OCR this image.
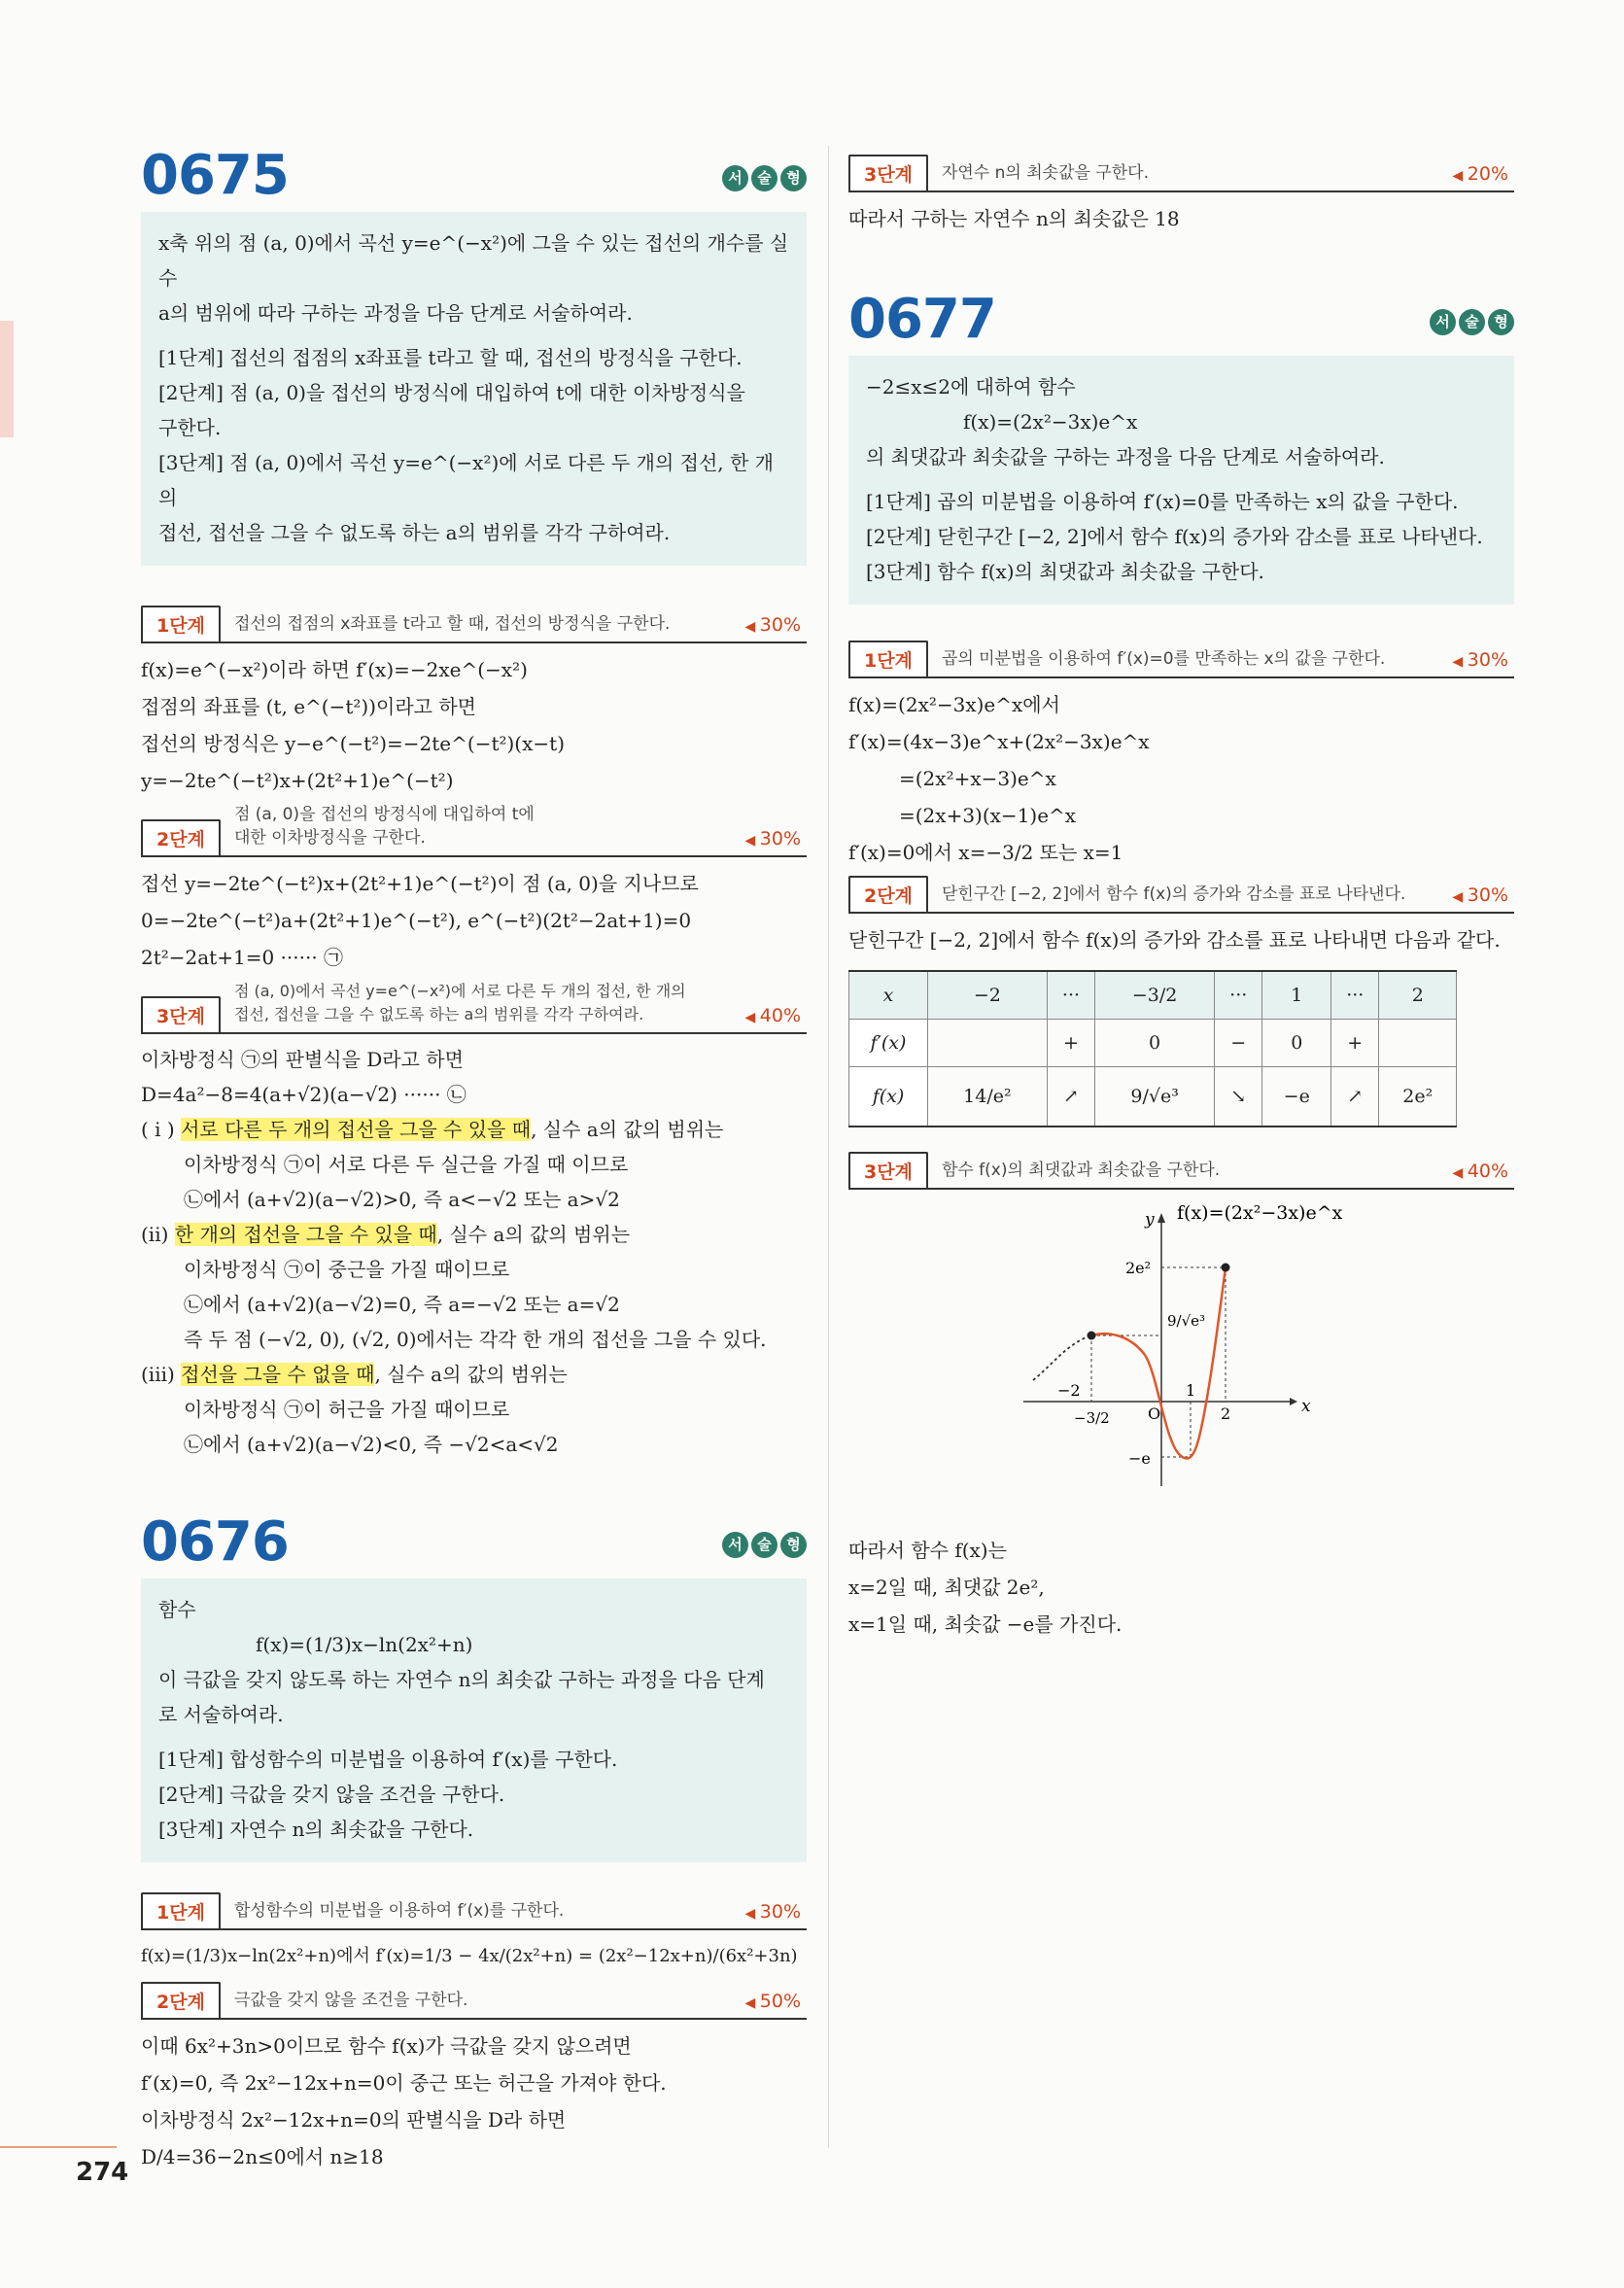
0675	서	술	형
x축 위의 점 (a, 0)에서 곡선 y=e^(−x²)에 그을 수 있는 접선의 개수를 실수
a의 범위에 따라 구하는 과정을 다음 단계로 서술하여라.
[1단계] 접선의 접점의 x좌표를 t라고 할 때, 접선의 방정식을 구한다.
[2단계] 점 (a, 0)을 접선의 방정식에 대입하여 t에 대한 이차방정식을
구한다.
[3단계] 점 (a, 0)에서 곡선 y=e^(−x²)에 서로 다른 두 개의 접선, 한 개의
접선, 접선을 그을 수 없도록 하는 a의 범위를 각각 구하여라.
1단계	접선의 접점의 x좌표를 t라고 할 때, 접선의 방정식을 구한다.	◀ 30%
f(x)=e^(−x²)이라 하면 f′(x)=−2xe^(−x²)
접점의 좌표를 (t, e^(−t²))이라고 하면
접선의 방정식은 y−e^(−t²)=−2te^(−t²)(x−t)
y=−2te^(−t²)x+(2t²+1)e^(−t²)
2단계
점 (a, 0)을 접선의 방정식에 대입하여 t에 대한 이차방정식을 구한다.	◀ 30%
접선 y=−2te^(−t²)x+(2t²+1)e^(−t²)이 점 (a, 0)을 지나므로
0=−2te^(−t²)a+(2t²+1)e^(−t²), e^(−t²)(2t²−2at+1)=0
2t²−2at+1=0 ······ ㉠
3단계
점 (a, 0)에서 곡선 y=e^(−x²)에 서로 다른 두 개의 접선, 한 개의 접선, 접선을 그을 수 없도록 하는 a의 범위를 각각 구하여라.	◀ 40%
이차방정식 ㉠의 판별식을 D라고 하면
D=4a²−8=4(a+√2)(a−√2) ······ ㉡
( i ) 서로 다른 두 개의 접선을 그을 수 있을 때, 실수 a의 값의 범위는
이차방정식 ㉠이 서로 다른 두 실근을 가질 때 이므로
㉡에서 (a+√2)(a−√2)>0, 즉 a<−√2 또는 a>√2
(ii) 한 개의 접선을 그을 수 있을 때, 실수 a의 값의 범위는
이차방정식 ㉠이 중근을 가질 때이므로
㉡에서 (a+√2)(a−√2)=0, 즉 a=−√2 또는 a=√2
즉 두 점 (−√2, 0), (√2, 0)에서는 각각 한 개의 접선을 그을 수 있다.
(iii) 접선을 그을 수 없을 때, 실수 a의 값의 범위는
이차방정식 ㉠이 허근을 가질 때이므로
㉡에서 (a+√2)(a−√2)<0, 즉 −√2<a<√2
0676	서	술	형
함수
f(x)=(1/3)x−ln(2x²+n)
이 극값을 갖지 않도록 하는 자연수 n의 최솟값 구하는 과정을 다음 단계
로 서술하여라.
[1단계] 합성함수의 미분법을 이용하여 f′(x)를 구한다.
[2단계] 극값을 갖지 않을 조건을 구한다.
[3단계] 자연수 n의 최솟값을 구한다.
1단계	합성함수의 미분법을 이용하여 f′(x)를 구한다.	◀ 30%
f(x)=(1/3)x−ln(2x²+n)에서 f′(x)=1/3 − 4x/(2x²+n) = (2x²−12x+n)/(6x²+3n)
2단계	극값을 갖지 않을 조건을 구한다.	◀ 50%
이때 6x²+3n>0이므로 함수 f(x)가 극값을 갖지 않으려면
f′(x)=0, 즉 2x²−12x+n=0이 중근 또는 허근을 가져야 한다.
이차방정식 2x²−12x+n=0의 판별식을 D라 하면
D/4=36−2n≤0에서 n≥18
3단계	자연수 n의 최솟값을 구한다.	◀ 20%
따라서 구하는 자연수 n의 최솟값은 18
0677	서	술	형
−2≤x≤2에 대하여 함수
f(x)=(2x²−3x)e^x
의 최댓값과 최솟값을 구하는 과정을 다음 단계로 서술하여라.
[1단계] 곱의 미분법을 이용하여 f′(x)=0를 만족하는 x의 값을 구한다.
[2단계] 닫힌구간 [−2, 2]에서 함수 f(x)의 증가와 감소를 표로 나타낸다.
[3단계] 함수 f(x)의 최댓값과 최솟값을 구한다.
1단계	곱의 미분법을 이용하여 f′(x)=0를 만족하는 x의 값을 구한다.	◀ 30%
f(x)=(2x²−3x)e^x에서
f′(x)=(4x−3)e^x+(2x²−3x)e^x
=(2x²+x−3)e^x
=(2x+3)(x−1)e^x
f′(x)=0에서 x=−3/2 또는 x=1
2단계	닫힌구간 [−2, 2]에서 함수 f(x)의 증가와 감소를 표로 나타낸다.	◀ 30%
닫힌구간 [−2, 2]에서 함수 f(x)의 증가와 감소를 표로 나타내면 다음과 같다.
x	−2	···	−3/2	···	1	···	2
f′(x)		+	0	−	0	+	
f(x)	14/e²	↗	9/√e³	↘	−e	↗	2e²
3단계	함수 f(x)의 최댓값과 최솟값을 구한다.	◀ 40%
y
x
f(x)=(2x²−3x)e^x
2e²
9/√e³
−e
O
−2
−3/2
1
2
따라서 함수 f(x)는
x=2일 때, 최댓값 2e²,
x=1일 때, 최솟값 −e를 가진다.
274
